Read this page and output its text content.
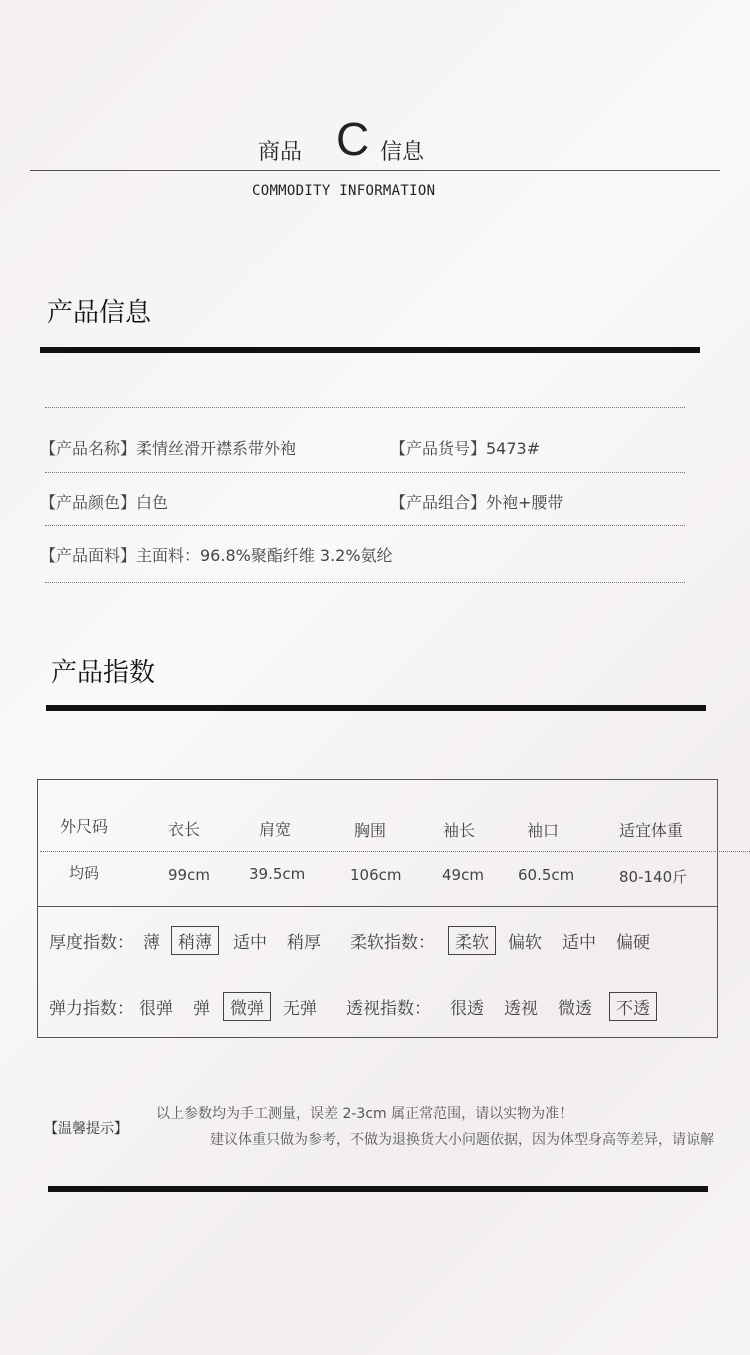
商品 C 信息
COMMODITY INFORMATION
产品信息
【产品名称】柔情丝滑开襟系带外袍	【产品货号】5473#
【产品颜色】白色	【产品组合】外袍+腰带
【产品面料】主面料：96.8%聚酯纤维 3.2%氨纶
产品指数
外尺码	衣长	肩宽	胸围	袖长	袖口	适宜体重
均码	99cm	39.5cm	106cm	49cm 60.5cm	80-140斤
厚度指数： 薄	稍薄	适中 稍厚 柔软指数：	柔软	偏软 适中 偏硬
弹力指数： 很弹 弹	微弹	无弹 透视指数： 很透 透视 微透	不透
【温馨提示】
以上参数均为手工测量，误差 2-3cm 属正常范围，请以实物为准！
建议体重只做为参考，不做为退换货大小问题依据，因为体型身高等差异，请谅解
